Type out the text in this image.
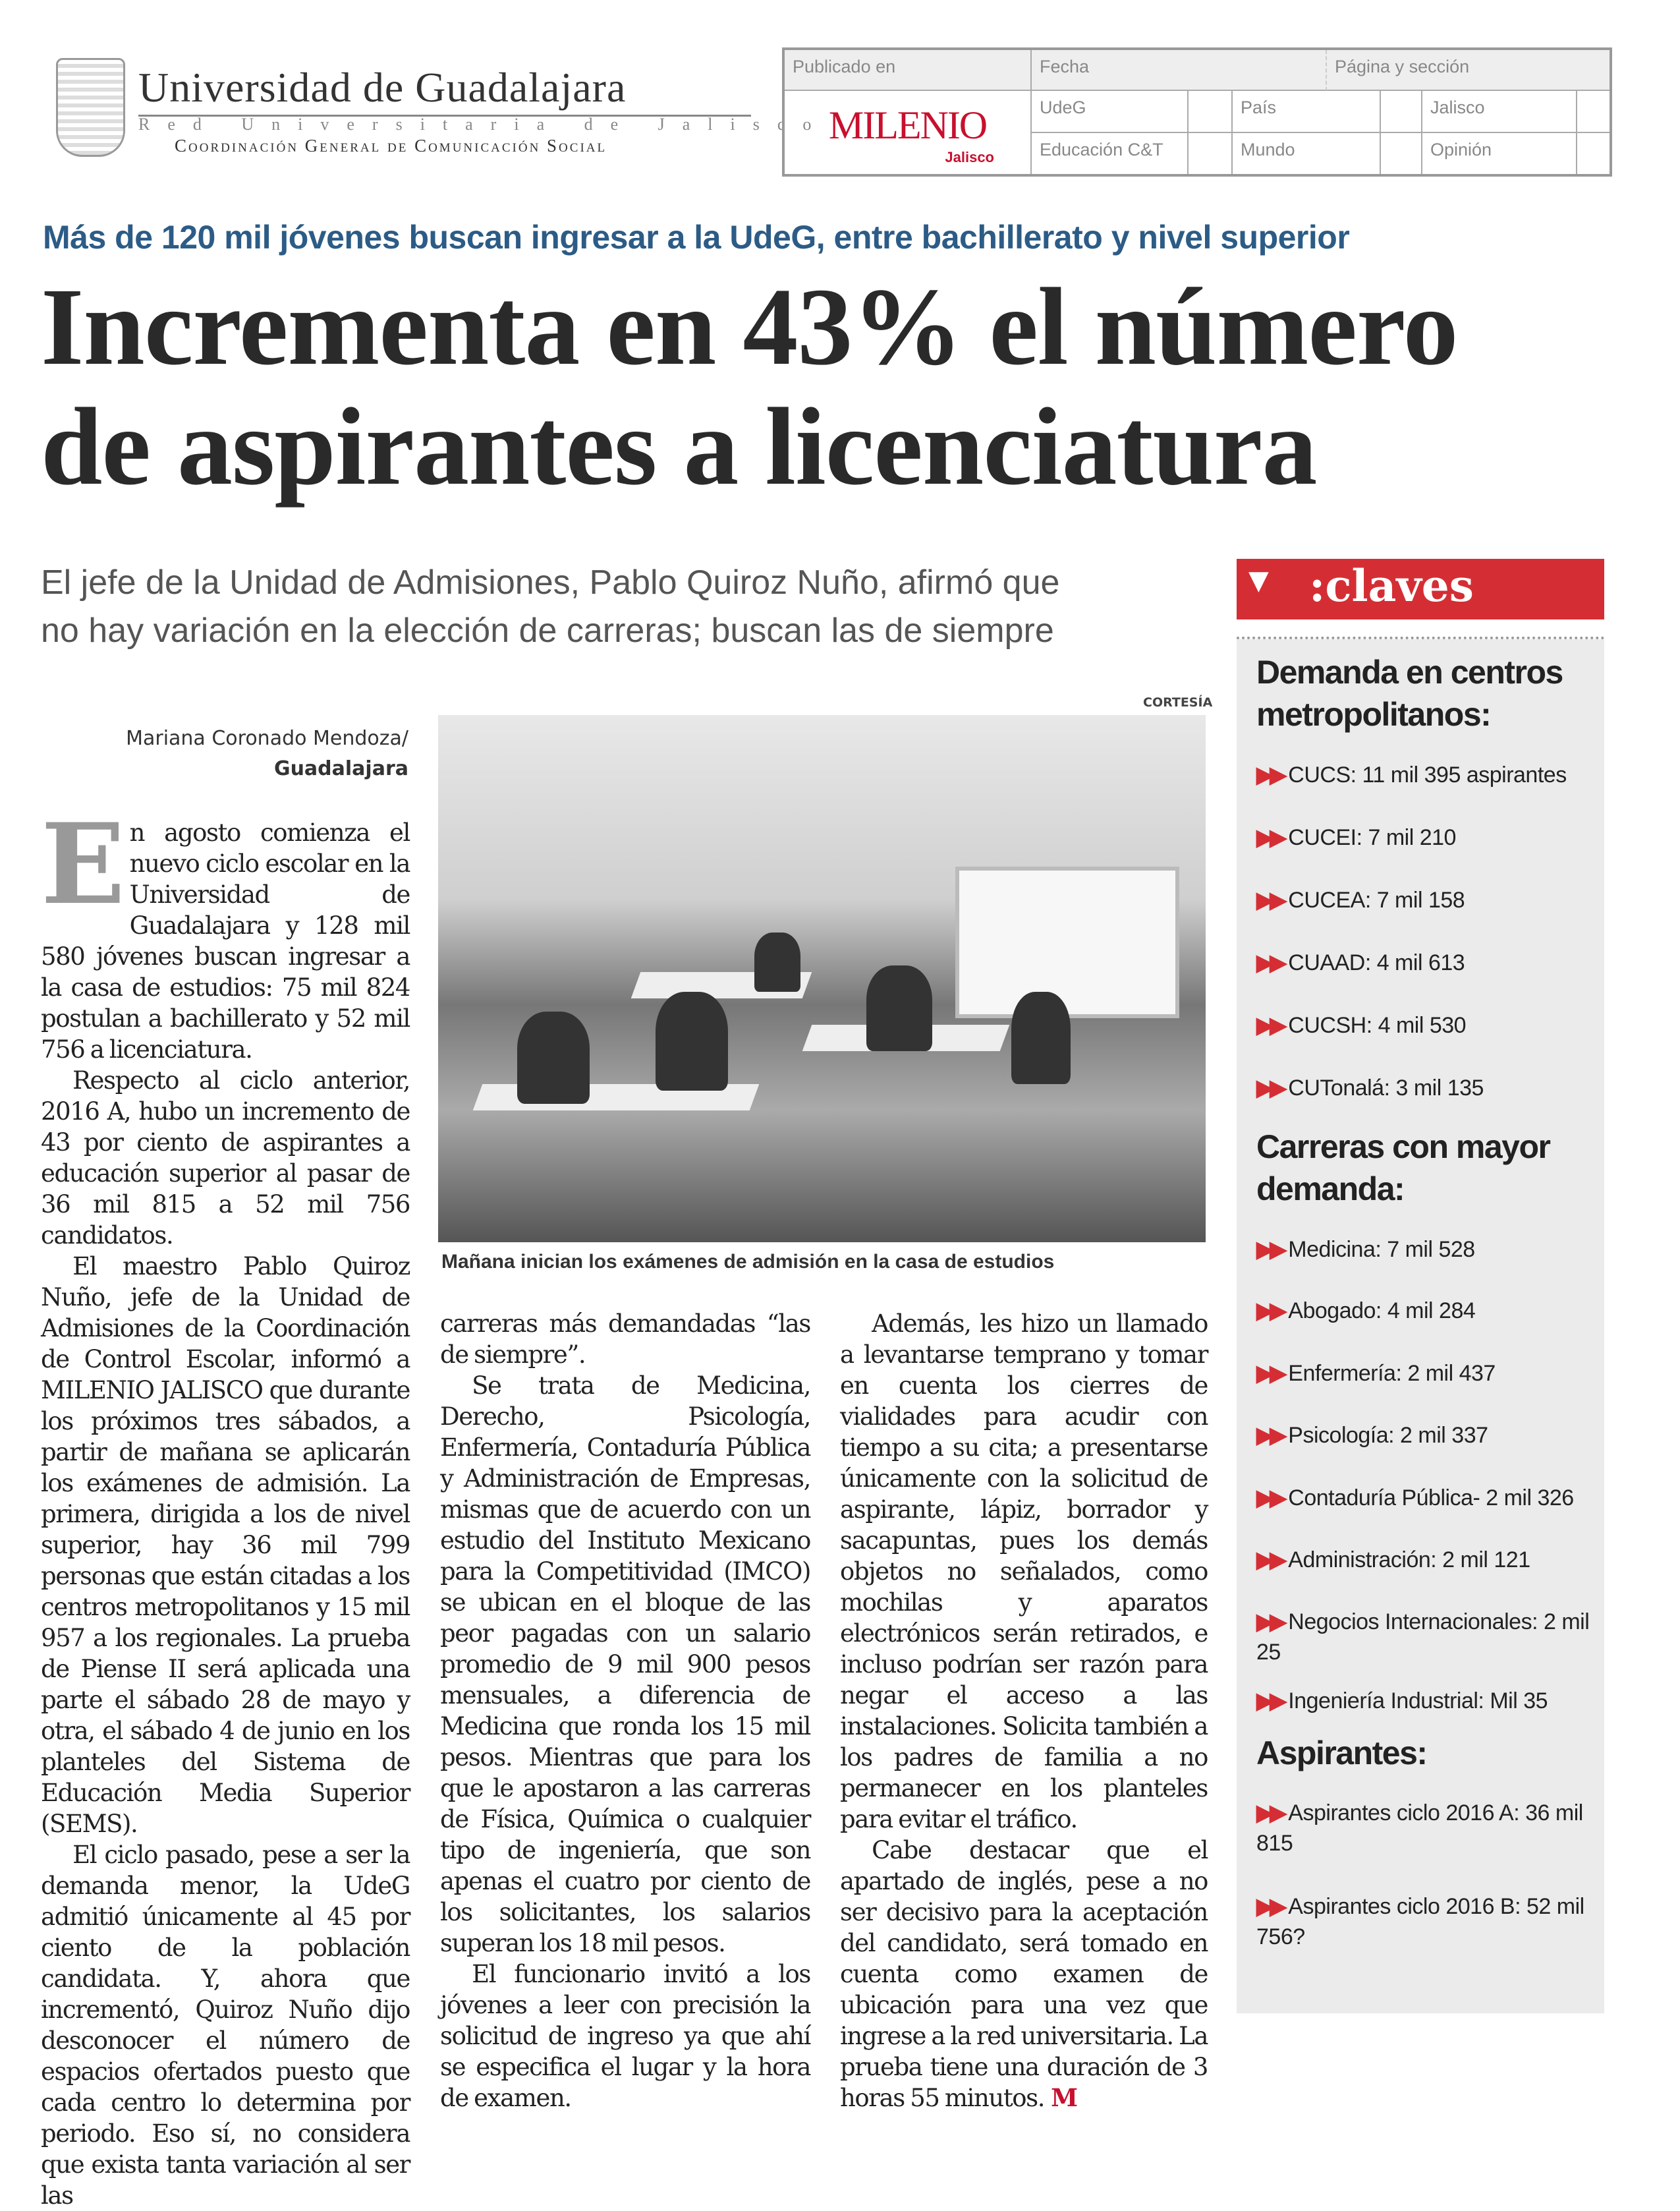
Universidad de Guadalajara
Red Universitaria de Jalisco
Coordinación General de Comunicación Social
Publicado en	Fecha	Página y sección
MILENIO
Jalisco
UdeG	País	Jalisco
Educación C&T	Mundo	Opinión
Más de 120 mil jóvenes buscan ingresar a la UdeG, entre bachillerato y nivel superior
Incrementa en 43% el número
de aspirantes a licenciatura
El jefe de la Unidad de Admisiones, Pablo Quiroz Nuño, afirmó que
no hay variación en la elección de carreras; buscan las de siempre
CORTESÍA
Mañana inician los exámenes de admisión en la casa de estudios
Mariana Coronado Mendoza/
Guadalajara

En agosto comienza el nuevo ciclo escolar en la Universidad de Guadalajara y 128 mil 580 jóvenes buscan ingresar a la casa de estudios: 75 mil 824 postulan a bachillerato y 52 mil 756 a licenciatura.

Respecto al ciclo anterior, 2016 A, hubo un incremento de 43 por ciento de aspirantes a educación superior al pasar de 36 mil 815 a 52 mil 756 candidatos.

El maestro Pablo Quiroz Nuño, jefe de la Unidad de Admisiones de la Coordinación de Control Escolar, informó a MILENIO JALISCO que durante los próximos tres sábados, a partir de mañana se aplicarán los exámenes de admisión. La primera, dirigida a los de nivel superior, hay 36 mil 799 personas que están citadas a los centros metropolitanos y 15 mil 957 a los regionales. La prueba de Piense II será aplicada una parte el sábado 28 de mayo y otra, el sábado 4 de junio en los planteles del Sistema de Educación Media Superior (SEMS).

El ciclo pasado, pese a ser la demanda menor, la UdeG admitió únicamente al 45 por ciento de la población candidata. Y, ahora que incrementó, Quiroz Nuño dijo desconocer el número de espacios ofertados puesto que cada centro lo determina por periodo. Eso sí, no considera que exista tanta variación al ser las

carreras más demandadas “las de siempre”.

Se trata de Medicina, Derecho, Psicología, Enfermería, Contaduría Pública y Administración de Empresas, mismas que de acuerdo con un estudio del Instituto Mexicano para la Competitividad (IMCO) se ubican en el bloque de las peor pagadas con un salario promedio de 9 mil 900 pesos mensuales, a diferencia de Medicina que ronda los 15 mil pesos. Mientras que para los que le apostaron a las carreras de Física, Química o cualquier tipo de ingeniería, que son apenas el cuatro por ciento de los solicitantes, los salarios superan los 18 mil pesos.

El funcionario invitó a los jóvenes a leer con precisión la solicitud de ingreso ya que ahí se especifica el lugar y la hora de examen.

Además, les hizo un llamado a levantarse temprano y tomar en cuenta los cierres de vialidades para acudir con tiempo a su cita; a presentarse únicamente con la solicitud de aspirante, lápiz, borrador y sacapuntas, pues los demás objetos no señalados, como mochilas y aparatos electrónicos serán retirados, e incluso podrían ser razón para negar el acceso a las instalaciones. Solicita también a los padres de familia a no permanecer en los planteles para evitar el tráfico.

Cabe destacar que el apartado de inglés, pese a no ser decisivo para la aceptación del candidato, será tomado en cuenta como examen de ubicación para una vez que ingrese a la red universitaria. La prueba tiene una duración de 3 horas 55 minutos. M

▼ :claves
Demanda en centros
metropolitanos:
▶▶ CUCS: 11 mil 395 aspirantes
▶▶ CUCEI: 7 mil 210
▶▶ CUCEA: 7 mil 158
▶▶ CUAAD: 4 mil 613
▶▶ CUCSH: 4 mil 530
▶▶ CUTonalá: 3 mil 135
Carreras con mayor
demanda:
▶▶ Medicina: 7 mil 528
▶▶ Abogado: 4 mil 284
▶▶ Enfermería: 2 mil 437
▶▶ Psicología: 2 mil 337
▶▶ Contaduría Pública- 2 mil 326
▶▶ Administración: 2 mil 121
▶▶ Negocios Internacionales: 2 mil 25
▶▶ Ingeniería Industrial: Mil 35
Aspirantes:
▶▶ Aspirantes ciclo 2016 A: 36 mil 815
▶▶ Aspirantes ciclo 2016 B: 52 mil 756?
